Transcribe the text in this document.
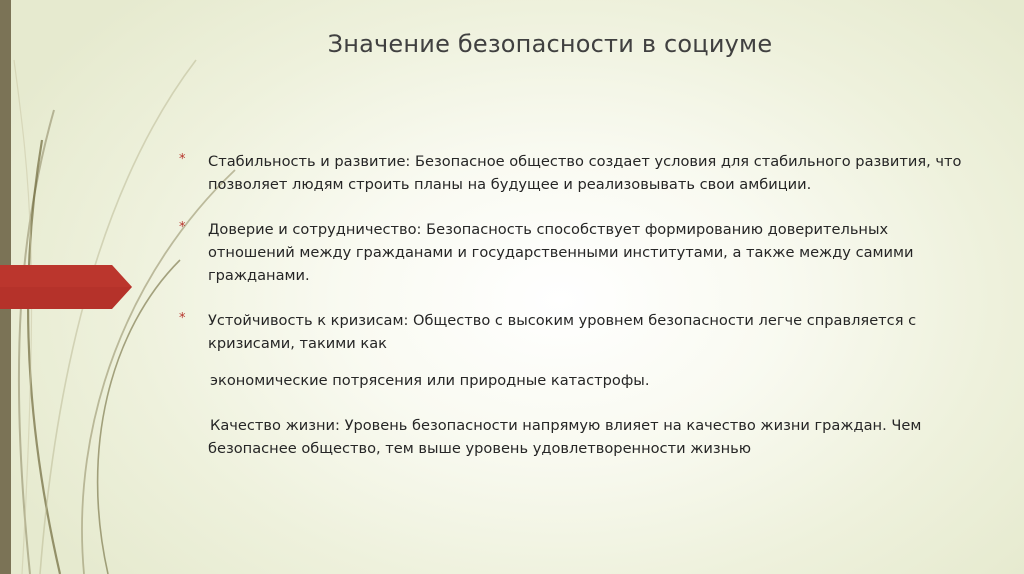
Значение безопасности в социуме
* Стабильность и развитие: Безопасное общество создает условия для стабильного развития, что позволяет людям строить планы на будущее и реализовывать свои амбиции.
* Доверие и сотрудничество: Безопасность способствует формированию доверительных отношений между гражданами и государственными институтами, а также между самими гражданами.
* Устойчивость к кризисам: Общество с высоким уровнем безопасности легче справляется с кризисами, такими как
экономические потрясения или природные катастрофы.
Качество жизни: Уровень безопасности напрямую влияет на качество жизни граждан. Чем безопаснее общество, тем выше уровень удовлетворенности жизнью
